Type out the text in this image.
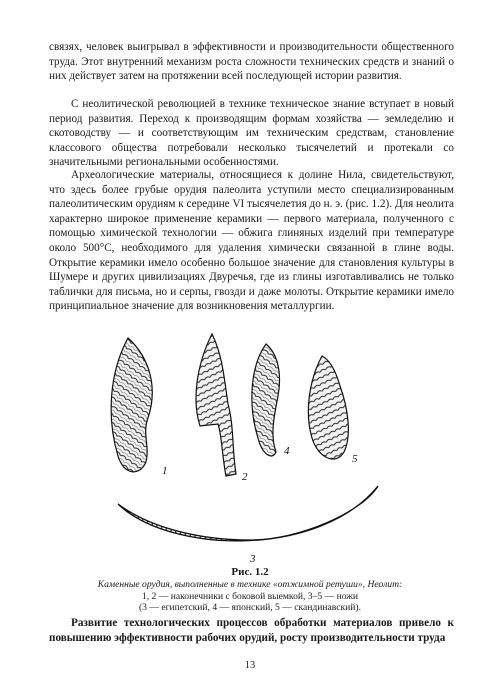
связях, человек выигрывал в эффективности и производительности общественного труда. Этот внутренний механизм роста сложности технических средств и знаний о них действует затем на протяжении всей последующей истории развития.

С неолитической революцией в технике техническое знание вступает в новый период развития. Переход к производящим формам хозяйства — земледелию и скотоводству — и соответствующим им техническим средствам, становление классового общества потребовали несколько тысячелетий и протекали со значительными региональными особенностями.

Археологические материалы, относящиеся к долине Нила, свидетельствуют, что здесь более грубые орудия палеолита уступили место специализированным палеолитическим орудиям к середине VI тысячелетия до н. э. (рис. 1.2). Для неолита характерно широкое применение керамики — первого материала, полученного с помощью химической технологии — обжига глиняных изделий при температуре около 500°С, необходимого для удаления химически связанной в глине воды. Открытие керамики имело особенно большое значение для становления культуры в Шумере и других цивилизациях Двуречья, где из глины изготавливались не только таблички для письма, но и серпы, гвозди и даже молоты. Открытие керамики имело принципиальное значение для возникновения металлургии.

1	2
4
5
3
Рис. 1.2
Каменные орудия, выполненные в технике «отжимной ретуши», Неолит:
1, 2 — наконечники с боковой выемкой, 3–5 — ножи
(3 — египетский, 4 — японский, 5 — скандинавский).

Развитие технологических процессов обработки материалов привело к повышению эффективности рабочих орудий, росту производительности труда

13
